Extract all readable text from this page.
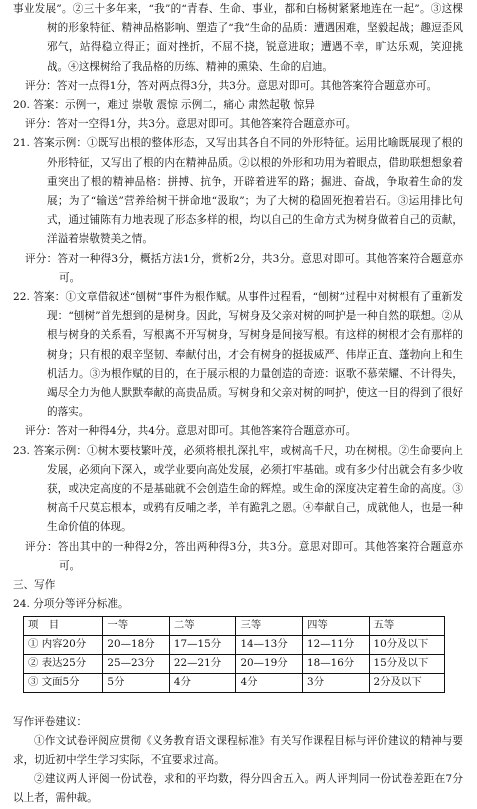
事业发展”。②三十多年来，“我”的“青春、生命、事业，都和白杨树紧紧地连在一起”。③这棵树的形象特征、精神品格影响、塑造了“我”生命的品质：遭遇困难，坚毅起战；趣逗歪风邪气，站得稳立得正；面对挫折，不屈不挠，锐意进取；遭遇不幸，旷达乐观，笑迎挑战。④这棵树给了我品格的历练、精神的熏染、生命的启迪。

评分：答对一点得1分，答对两点得3分，共3分。意思对即可。其他答案符合题意亦可。

20. 答案：示例一，难过 崇敬 震惊 示例二，痛心 肃然起敬 惊异

评分：答对一空得1分，共3分。意思对即可。其他答案符合题意亦可。

21. 答案示例：①既写出根的整体形态，又写出其各自不同的外形特征。运用比喻既展现了根的外形特征，又写出了根的内在精神品质。②以根的外形和功用为着眼点，借助联想想象着重突出了根的精神品格：拼搏、抗争，开辟着进军的路；掘进、奋战，争取着生命的发展；为了“输送”营养给树干拼命地“汲取”；为了大树的稳固死抱着岩石。③运用排比句式，通过铺陈有力地表现了形态多样的根，均以自己的生命方式为树身做着自己的贡献，洋溢着崇敬赞美之情。

评分：答对一种得3分，概括方法1分，赏析2分，共3分。意思对即可。其他答案符合题意亦可。

22. 答案：①文章借叙述“刨树”事件为根作赋。从事件过程看，“刨树”过程中对树根有了重新发现：“刨树”首先想到的是树身。因此，写树身及父亲对树的呵护是一种自然的联想。②从根与树身的关系看，写根离不开写树身，写树身是间接写根。有这样的树根才会有那样的树身；只有根的艰辛坚韧、奉献付出，才会有树身的挺拔威严、伟岸正直、蓬勃向上和生机活力。③为根作赋的目的，在于展示根的力量创造的奇迹：讴歌不慕荣耀、不计得失，竭尽全力为他人默默奉献的高贵品质。写树身和父亲对树的呵护，使这一目的得到了很好的落实。

评分：答对一种得4分，共4分。意思对即可。其他答案符合题意亦可。

23. 答案示例：①树木要枝繁叶茂，必须将根扎深扎牢，或树高千尺，功在树根。②生命要向上发展，必须向下深入，或学业要向高处发展，必须打牢基础。或有多少付出就会有多少收获，或决定高度的不是基础就不会创造生命的辉煌。或生命的深度决定着生命的高度。③树高千尺莫忘根本，或鸦有反哺之孝，羊有跪乳之恩。④奉献自己，成就他人，也是一种生命价值的体现。

评分：答出其中的一种得2分，答出两种得3分，共3分。意思对即可。其他答案符合题意亦可。

三、写作

24. 分项分等评分标准。

项　目	一等	二等	三等	四等	五等
① 内容20分	20—18分	17—15分	14—13分	12—11分	10分及以下
② 表达25分	25—23分	22—21分	20—19分	18—16分	15分及以下
③ 文面5分	5分	4分	4分	3分	2分及以下

写作评卷建议：

①作文试卷评阅应贯彻《义务教育语文课程标准》有关写作课程目标与评价建议的精神与要求，切近初中学生学习实际，不宜要求过高。

②建议两人评阅一份试卷，求和的平均数，得分四舍五入。两人评判同一份试卷差距在7分以上者，需仲裁。
